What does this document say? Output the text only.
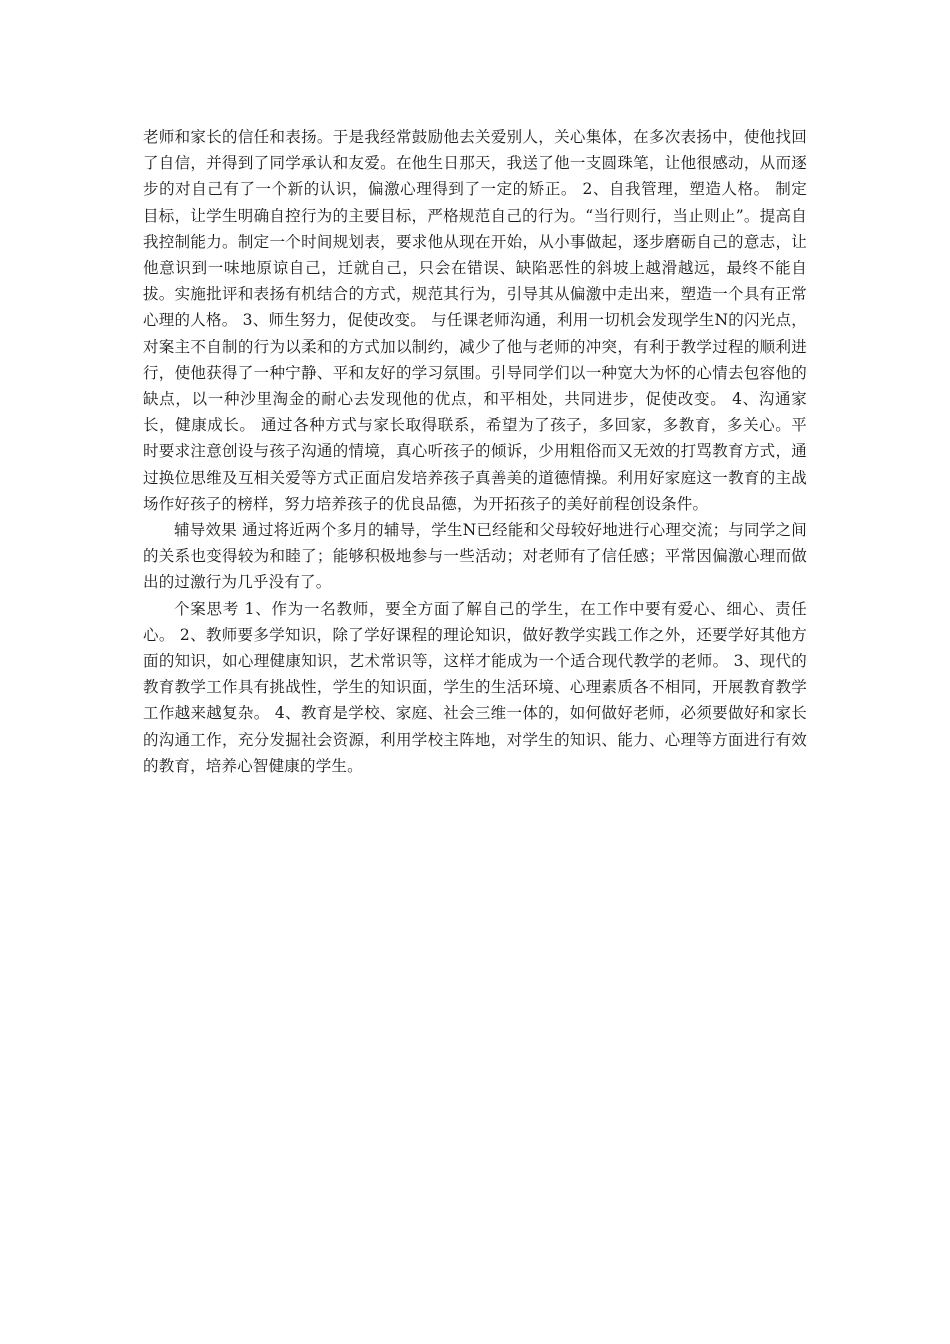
老师和家长的信任和表扬。于是我经常鼓励他去关爱别人，关心集体，在多次表扬中，使他找回了自信，并得到了同学承认和友爱。在他生日那天，我送了他一支圆珠笔，让他很感动，从而逐步的对自己有了一个新的认识，偏激心理得到了一定的矫正。 2、自我管理，塑造人格。 制定目标，让学生明确自控行为的主要目标，严格规范自己的行为。“当行则行，当止则止”。提高自我控制能力。制定一个时间规划表，要求他从现在开始，从小事做起，逐步磨砺自己的意志，让他意识到一味地原谅自己，迁就自己，只会在错误、缺陷恶性的斜坡上越滑越远，最终不能自拔。实施批评和表扬有机结合的方式，规范其行为，引导其从偏激中走出来，塑造一个具有正常心理的人格。 3、师生努力，促使改变。 与任课老师沟通，利用一切机会发现学生N的闪光点，对案主不自制的行为以柔和的方式加以制约，减少了他与老师的冲突，有利于教学过程的顺利进行，使他获得了一种宁静、平和友好的学习氛围。引导同学们以一种宽大为怀的心情去包容他的缺点，以一种沙里淘金的耐心去发现他的优点，和平相处，共同进步，促使改变。 4、沟通家长，健康成长。 通过各种方式与家长取得联系，希望为了孩子，多回家，多教育，多关心。平时要求注意创设与孩子沟通的情境，真心听孩子的倾诉，少用粗俗而又无效的打骂教育方式，通过换位思维及互相关爱等方式正面启发培养孩子真善美的道德情操。利用好家庭这一教育的主战场作好孩子的榜样，努力培养孩子的优良品德，为开拓孩子的美好前程创设条件。

辅导效果 通过将近两个多月的辅导，学生N已经能和父母较好地进行心理交流；与同学之间的关系也变得较为和睦了；能够积极地参与一些活动；对老师有了信任感；平常因偏激心理而做出的过激行为几乎没有了。

个案思考 1、作为一名教师，要全方面了解自己的学生，在工作中要有爱心、细心、责任心。 2、教师要多学知识，除了学好课程的理论知识，做好教学实践工作之外，还要学好其他方面的知识，如心理健康知识，艺术常识等，这样才能成为一个适合现代教学的老师。 3、现代的教育教学工作具有挑战性，学生的知识面，学生的生活环境、心理素质各不相同，开展教育教学工作越来越复杂。 4、教育是学校、家庭、社会三维一体的，如何做好老师，必须要做好和家长的沟通工作，充分发掘社会资源，利用学校主阵地，对学生的知识、能力、心理等方面进行有效的教育，培养心智健康的学生。
